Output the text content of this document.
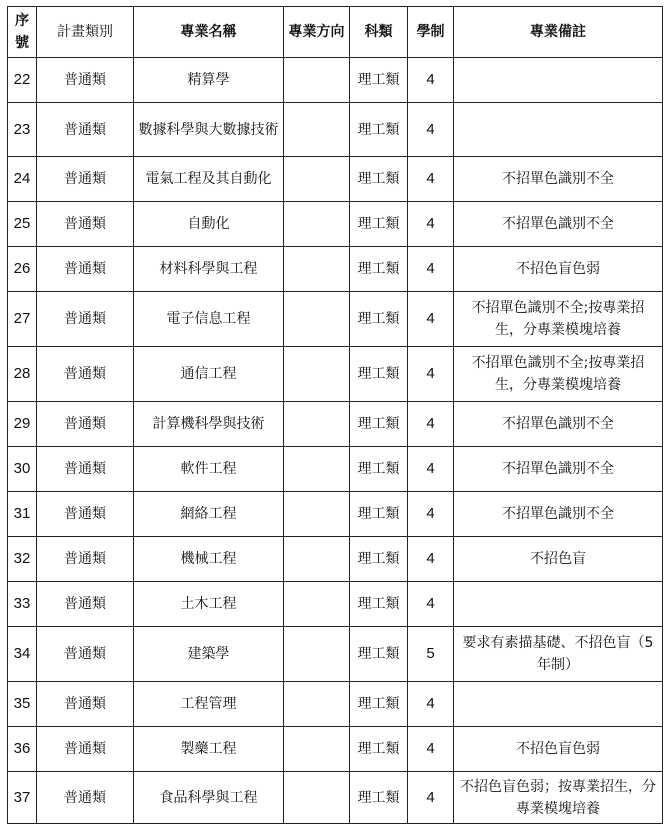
序號	計畫類別	專業名稱	專業方向	科類	學制	專業備註
22	普通類	精算學		理工類	4	
23	普通類	數據科學與大數據技術		理工類	4	
24	普通類	電氣工程及其自動化		理工類	4	不招單色識別不全
25	普通類	自動化		理工類	4	不招單色識別不全
26	普通類	材料科學與工程		理工類	4	不招色盲色弱
27	普通類	電子信息工程		理工類	4	不招單色識別不全;按專業招生，分專業模塊培養
28	普通類	通信工程		理工類	4	不招單色識別不全;按專業招生，分專業模塊培養
29	普通類	計算機科學與技術		理工類	4	不招單色識別不全
30	普通類	軟件工程		理工類	4	不招單色識別不全
31	普通類	網絡工程		理工類	4	不招單色識別不全
32	普通類	機械工程		理工類	4	不招色盲
33	普通類	土木工程		理工類	4	
34	普通類	建築學		理工類	5	要求有素描基礎、不招色盲（5年制）
35	普通類	工程管理		理工類	4	
36	普通類	製藥工程		理工類	4	不招色盲色弱
37	普通類	食品科學與工程		理工類	4	不招色盲色弱；按專業招生，分專業模塊培養
